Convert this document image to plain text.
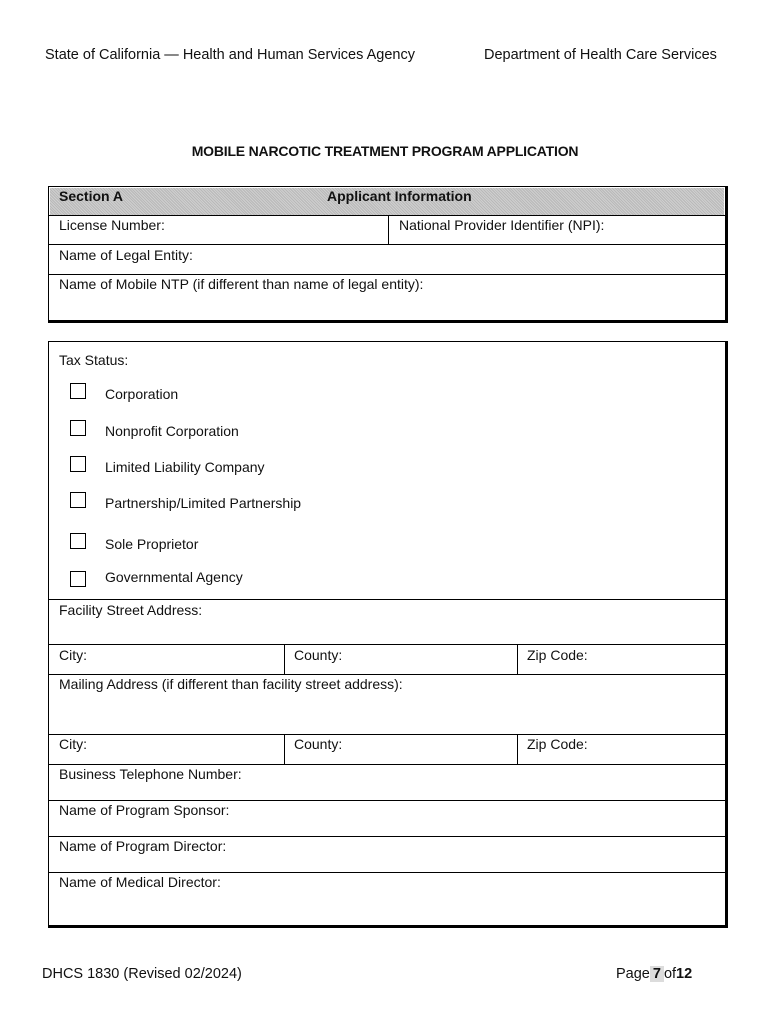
State of California — Health and Human Services Agency	Department of Health Care Services
MOBILE NARCOTIC TREATMENT PROGRAM APPLICATION
Section A	Applicant Information
License Number:	National Provider Identifier (NPI):
Name of Legal Entity:
Name of Mobile NTP (if different than name of legal entity):
Tax Status:
Corporation
Nonprofit Corporation
Limited Liability Company
Partnership/Limited Partnership
Sole Proprietor
Governmental Agency
Facility Street Address:
City:	County:	Zip Code:
Mailing Address (if different than facility street address):
City:	County:	Zip Code:
Business Telephone Number:
Name of Program Sponsor:
Name of Program Director:
Name of Medical Director:
DHCS 1830 (Revised 02/2024)	Page 7 of12
